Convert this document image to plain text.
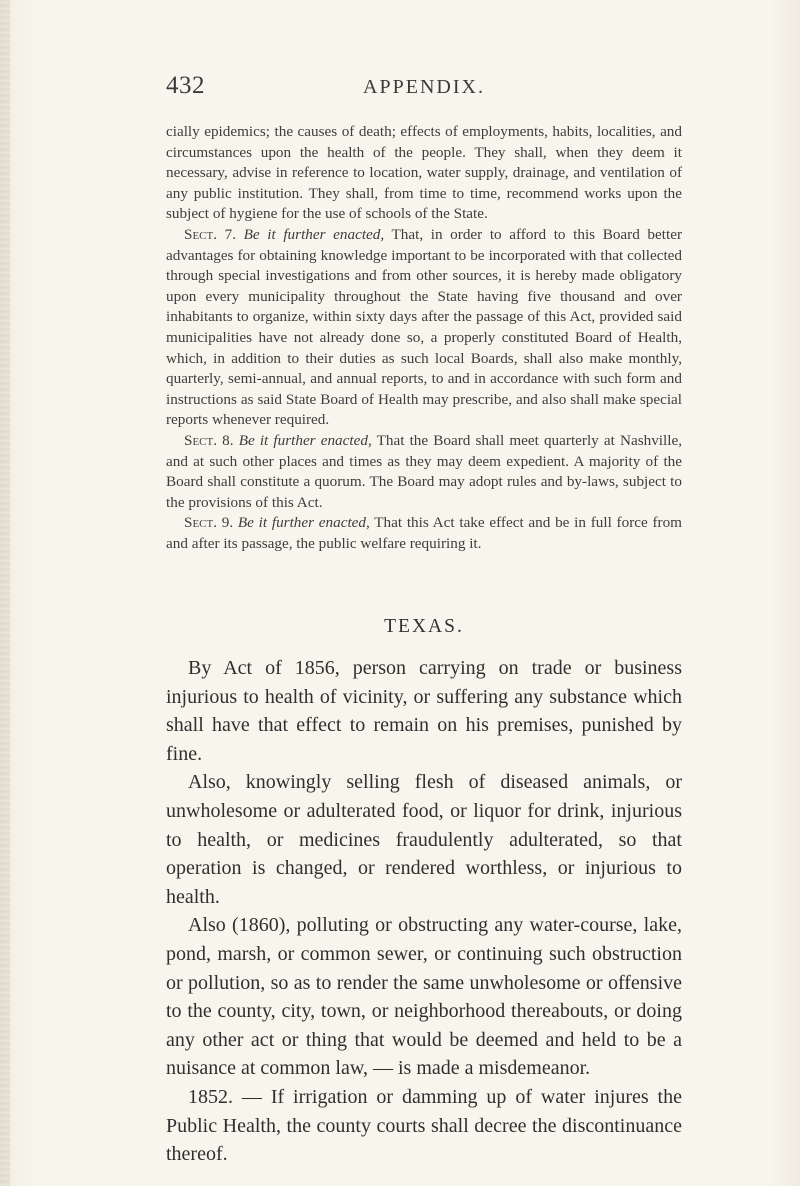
432	APPENDIX.

cially epidemics; the causes of death; effects of employments, habits, localities, and circumstances upon the health of the people. They shall, when they deem it necessary, advise in reference to location, water supply, drainage, and ventilation of any public institution. They shall, from time to time, recommend works upon the subject of hygiene for the use of schools of the State.

Sect. 7. Be it further enacted, That, in order to afford to this Board better advantages for obtaining knowledge important to be incorporated with that collected through special investigations and from other sources, it is hereby made obligatory upon every municipality throughout the State having five thousand and over inhabitants to organize, within sixty days after the passage of this Act, provided said municipalities have not already done so, a properly constituted Board of Health, which, in addition to their duties as such local Boards, shall also make monthly, quarterly, semi-annual, and annual reports, to and in accordance with such form and instructions as said State Board of Health may prescribe, and also shall make special reports whenever required.

Sect. 8. Be it further enacted, That the Board shall meet quarterly at Nashville, and at such other places and times as they may deem expedient. A majority of the Board shall constitute a quorum. The Board may adopt rules and by-laws, subject to the provisions of this Act.

Sect. 9. Be it further enacted, That this Act take effect and be in full force from and after its passage, the public welfare requiring it.

TEXAS.

By Act of 1856, person carrying on trade or business injurious to health of vicinity, or suffering any substance which shall have that effect to remain on his premises, punished by fine.

Also, knowingly selling flesh of diseased animals, or unwholesome or adulterated food, or liquor for drink, injurious to health, or medicines fraudulently adulterated, so that operation is changed, or rendered worthless, or injurious to health.

Also (1860), polluting or obstructing any water-course, lake, pond, marsh, or common sewer, or continuing such obstruction or pollution, so as to render the same unwholesome or offensive to the county, city, town, or neighborhood thereabouts, or doing any other act or thing that would be deemed and held to be a nuisance at common law, — is made a misdemeanor.

1852. — If irrigation or damming up of water injures the Public Health, the county courts shall decree the discontinuance thereof.
